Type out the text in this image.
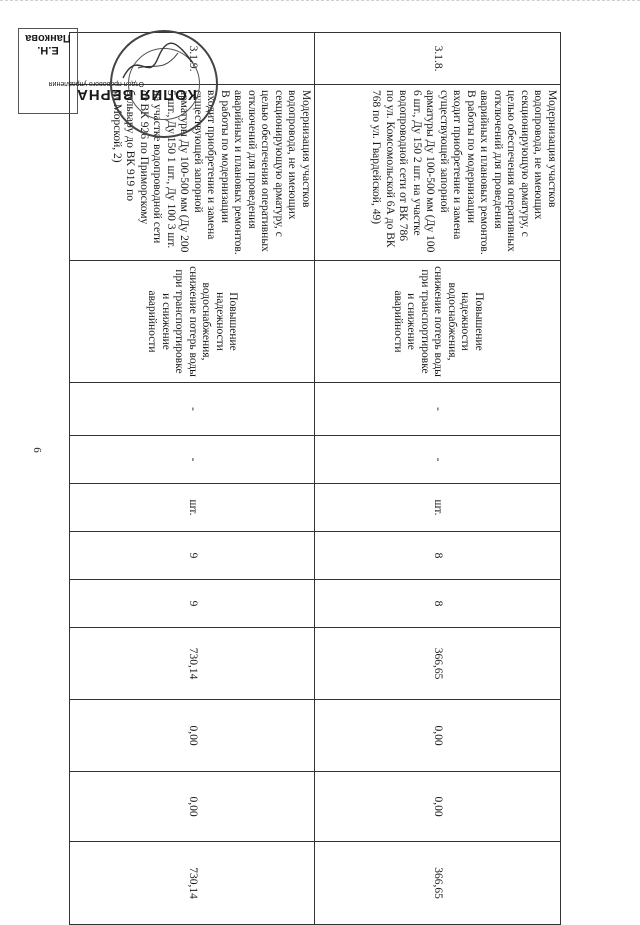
6
3.1.8.	Модернизация участков водопровода, не имеющих секционирующую арматуру, с целью обеспечения оперативных отключений для проведения аварийных и плановых ремонтов. В работы по модернизации входит приобретение и замена существующей запорной арматуры Ду 100-500 мм (Ду 100 6 шт., Ду 150 2 шт. на участке водопроводной сети от ВК 786 по ул. Комсомольской 6А до ВК 768 по ул. Гвардейской, 49)	Повышение надежности водоснабжения, снижение потерь воды при транспортировке и снижение аварийности	-	-	шт.	8	8	366,65	0,00	0,00	366,65
3.1.9.	Модернизация участков водопровода, не имеющих секционирующую арматуру, с целью обеспечения оперативных отключений для проведения аварийных и плановых ремонтов. В работы по модернизации входит приобретение и замена существующей запорной арматуры Ду 100-500 мм (Ду 200 5 шт., Ду 150 1 шт., Ду 100 3 шт. на участке водопроводной сети от ВК 926 по Приморскому бульвару до ВК 919 по ул.Морской, 2)	Повышение надежности водоснабжения, снижение потерь воды при транспортировке и снижение аварийности	-	-	шт.	9	9	730,14	0,00	0,00	730,14
Е.Н. Панкова
Отдел правового управления
КОПИЯ ВЕРНА
